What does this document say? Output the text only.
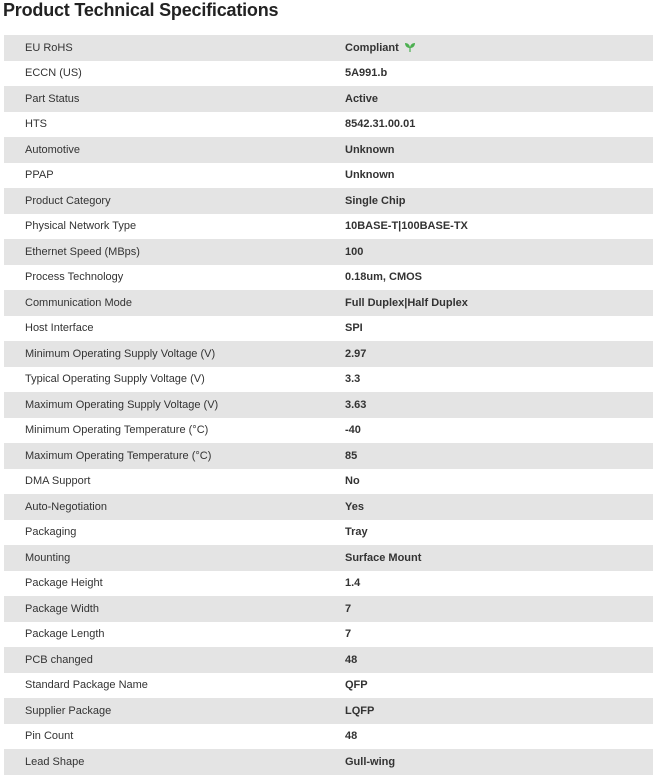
Product Technical Specifications
	EU RoHS	Compliant
	ECCN (US)	5A991.b
	Part Status	Active
	HTS	8542.31.00.01
	Automotive	Unknown
	PPAP	Unknown
	Product Category	Single Chip
	Physical Network Type	10BASE-T|100BASE-TX
	Ethernet Speed (MBps)	100
	Process Technology	0.18um, CMOS
	Communication Mode	Full Duplex|Half Duplex
	Host Interface	SPI
	Minimum Operating Supply Voltage (V)	2.97
	Typical Operating Supply Voltage (V)	3.3
	Maximum Operating Supply Voltage (V)	3.63
	Minimum Operating Temperature (°C)	-40
	Maximum Operating Temperature (°C)	85
	DMA Support	No
	Auto-Negotiation	Yes
	Packaging	Tray
	Mounting	Surface Mount
	Package Height	1.4
	Package Width	7
	Package Length	7
	PCB changed	48
	Standard Package Name	QFP
	Supplier Package	LQFP
	Pin Count	48
	Lead Shape	Gull-wing
